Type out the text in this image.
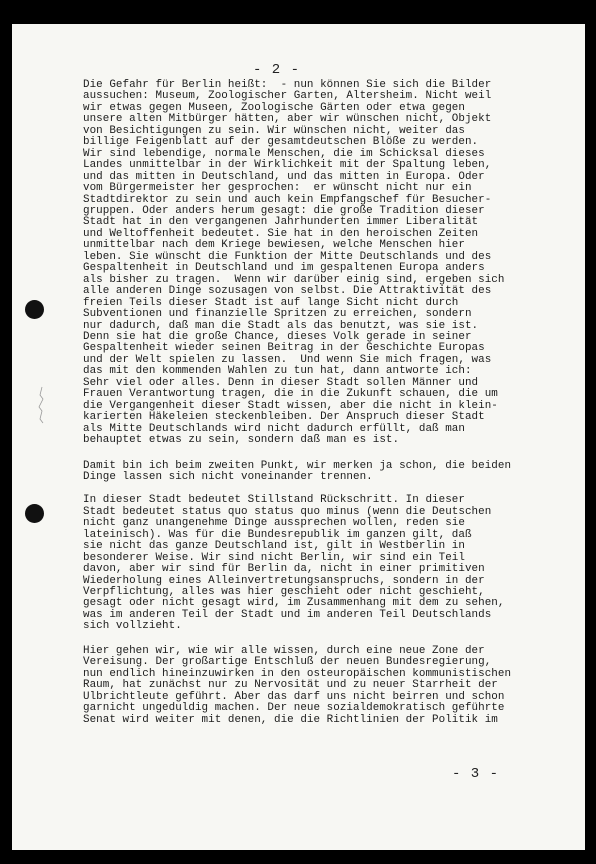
- 2 -
Die Gefahr für Berlin heißt:  - nun können Sie sich die Bilder
aussuchen: Museum, Zoologischer Garten, Altersheim. Nicht weil
wir etwas gegen Museen, Zoologische Gärten oder etwa gegen
unsere alten Mitbürger hätten, aber wir wünschen nicht, Objekt
von Besichtigungen zu sein. Wir wünschen nicht, weiter das
billige Feigenblatt auf der gesamtdeutschen Blöße zu werden.
Wir sind lebendige, normale Menschen, die im Schicksal dieses
Landes unmittelbar in der Wirklichkeit mit der Spaltung leben,
und das mitten in Deutschland, und das mitten in Europa. Oder
vom Bürgermeister her gesprochen:  er wünscht nicht nur ein
Stadtdirektor zu sein und auch kein Empfangschef für Besucher-
gruppen. Oder anders herum gesagt: die große Tradition dieser
Stadt hat in den vergangenen Jahrhunderten immer Liberalität
und Weltoffenheit bedeutet. Sie hat in den heroischen Zeiten
unmittelbar nach dem Kriege bewiesen, welche Menschen hier
leben. Sie wünscht die Funktion der Mitte Deutschlands und des
Gespaltenheit in Deutschland und im gespaltenen Europa anders
als bisher zu tragen.  Wenn wir darüber einig sind, ergeben sich
alle anderen Dinge sozusagen von selbst. Die Attraktivität des
freien Teils dieser Stadt ist auf lange Sicht nicht durch
Subventionen und finanzielle Spritzen zu erreichen, sondern
nur dadurch, daß man die Stadt als das benutzt, was sie ist.
Denn sie hat die große Chance, dieses Volk gerade in seiner
Gespaltenheit wieder seinen Beitrag in der Geschichte Europas
und der Welt spielen zu lassen.  Und wenn Sie mich fragen, was
das mit den kommenden Wahlen zu tun hat, dann antworte ich:
Sehr viel oder alles. Denn in dieser Stadt sollen Männer und
Frauen Verantwortung tragen, die in die Zukunft schauen, die um
die Vergangenheit dieser Stadt wissen, aber die nicht in klein-
karierten Häkeleien steckenbleiben. Der Anspruch dieser Stadt
als Mitte Deutschlands wird nicht dadurch erfüllt, daß man
behauptet etwas zu sein, sondern daß man es ist.
Damit bin ich beim zweiten Punkt, wir merken ja schon, die beiden
Dinge lassen sich nicht voneinander trennen.
In dieser Stadt bedeutet Stillstand Rückschritt. In dieser
Stadt bedeutet status quo status quo minus (wenn die Deutschen
nicht ganz unangenehme Dinge aussprechen wollen, reden sie
lateinisch). Was für die Bundesrepublik im ganzen gilt, daß
sie nicht das ganze Deutschland ist, gilt in Westberlin in
besonderer Weise. Wir sind nicht Berlin, wir sind ein Teil
davon, aber wir sind für Berlin da, nicht in einer primitiven
Wiederholung eines Alleinvertretungsanspruchs, sondern in der
Verpflichtung, alles was hier geschieht oder nicht geschieht,
gesagt oder nicht gesagt wird, im Zusammenhang mit dem zu sehen,
was im anderen Teil der Stadt und im anderen Teil Deutschlands
sich vollzieht.
Hier gehen wir, wie wir alle wissen, durch eine neue Zone der
Vereisung. Der großartige Entschluß der neuen Bundesregierung,
nun endlich hineinzuwirken in den osteuropäischen kommunistischen
Raum, hat zunächst nur zu Nervosität und zu neuer Starrheit der
Ulbrichtleute geführt. Aber das darf uns nicht beirren und schon
garnicht ungeduldig machen. Der neue sozialdemokratisch geführte
Senat wird weiter mit denen, die die Richtlinien der Politik im
- 3 -
